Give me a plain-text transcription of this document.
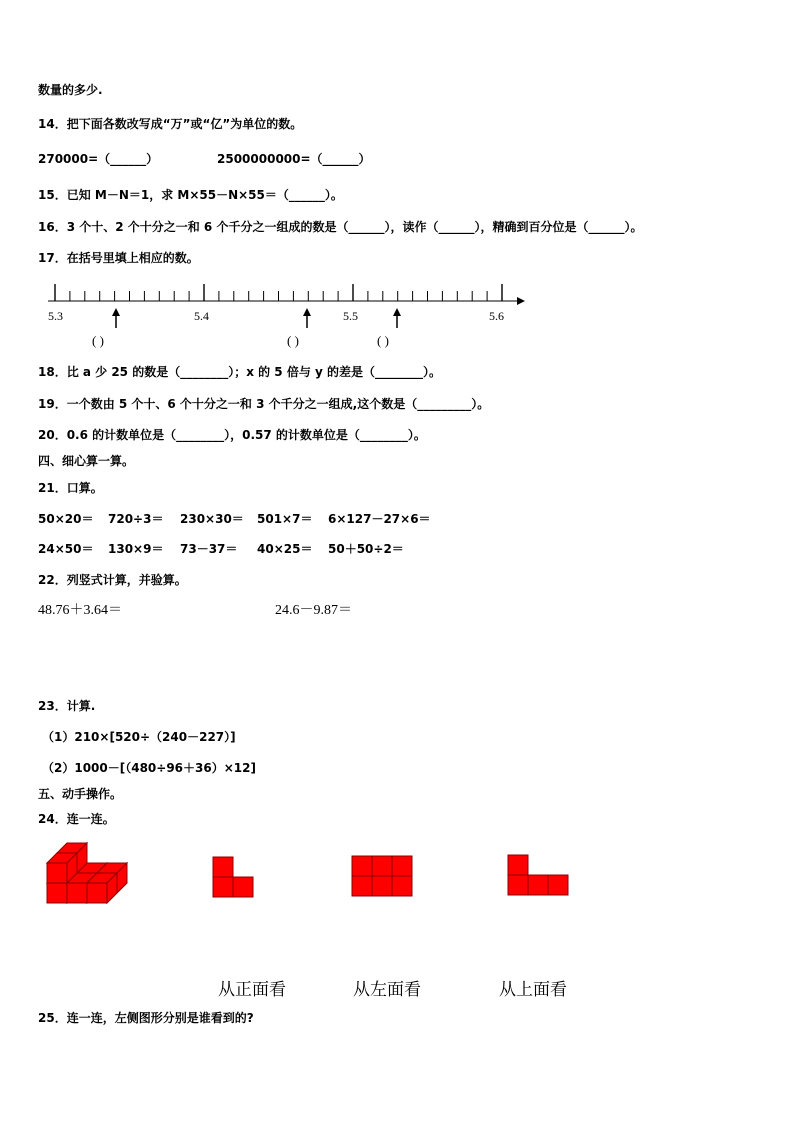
数量的多少.
14．把下面各数改写成“万”或“亿”为单位的数。
270000=（______）	2500000000=（______）
15．已知 M－N＝1，求 M×55－N×55＝（______）。
16．3 个十、2 个十分之一和 6 个千分之一组成的数是（______），读作（______），精确到百分位是（______）。
17．在括号里填上相应的数。
5.3	5.4	5.5	5.6
( )	( )	( )
18．比 a 少 25 的数是（________）；x 的 5 倍与 y 的差是（________）。
19．一个数由 5 个十、6 个十分之一和 3 个千分之一组成,这个数是（_________）。
20．0.6 的计数单位是（________），0.57 的计数单位是（________）。
四、细心算一算。
21．口算。
50×20＝ 720÷3＝ 230×30＝ 501×7＝ 6×127－27×6＝
24×50＝ 130×9＝ 73－37＝ 40×25＝ 50＋50÷2＝
22．列竖式计算，并验算。
48.76＋3.64＝	24.6－9.87＝
23．计算.
（1）210×[520÷（240－227）]
（2）1000－[（480÷96＋36）×12]
五、动手操作。
24．连一连。
从正面看	从左面看	从上面看
25．连一连，左侧图形分别是谁看到的?
